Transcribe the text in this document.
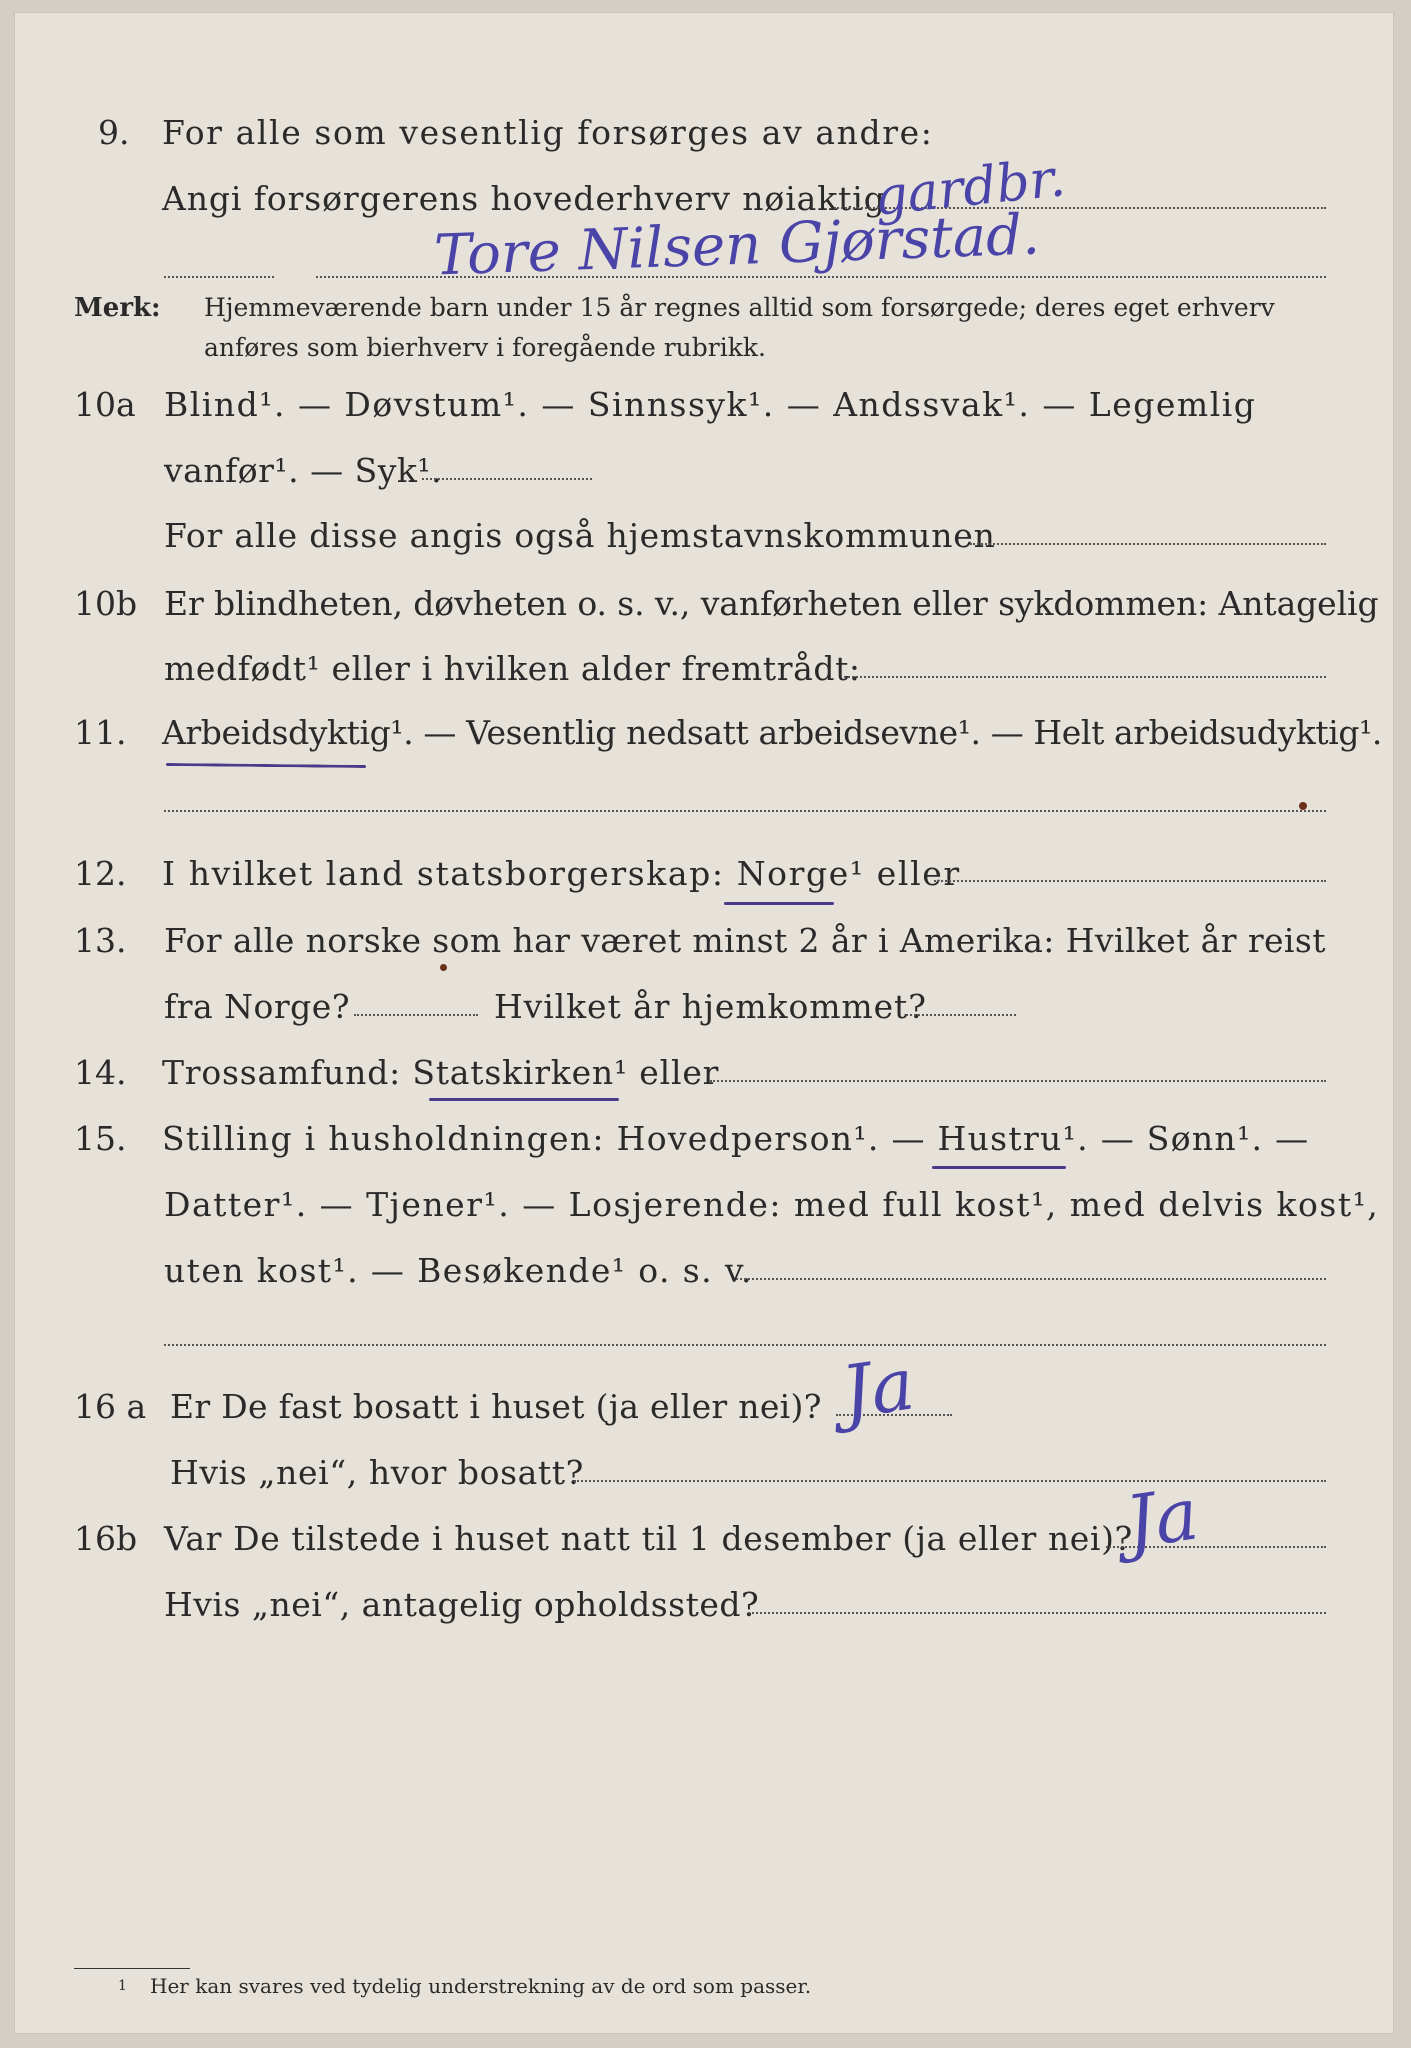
9. For alle som vesentlig forsørges av andre:
Angi forsørgerens hovederhverv nøiaktig
gardbr.
Tore Nilsen Gjørstad.
Merk: Hjemmeværende barn under 15 år regnes alltid som forsørgede; deres eget erhverv
anføres som bierhverv i foregående rubrikk.
10a Blind¹. — Døvstum¹. — Sinnssyk¹. — Andssvak¹. — Legemlig
vanfør¹. — Syk¹.
For alle disse angis også hjemstavnskommunen
10b Er blindheten, døvheten o. s. v., vanførheten eller sykdommen: Antagelig
medfødt¹ eller i hvilken alder fremtrådt:
11. Arbeidsdyktig¹. — Vesentlig nedsatt arbeidsevne¹. — Helt arbeidsudyktig¹.
12. I hvilket land statsborgerskap: Norge¹ eller
13. For alle norske som har været minst 2 år i Amerika: Hvilket år reist
fra Norge?	Hvilket år hjemkommet?
14. Trossamfund: Statskirken¹ eller
15. Stilling i husholdningen: Hovedperson¹. — Hustru¹. — Sønn¹. —
Datter¹. — Tjener¹. — Losjerende: med full kost¹, med delvis kost¹,
uten kost¹. — Besøkende¹ o. s. v.
16 a Er De fast bosatt i huset (ja eller nei)? Ja
Hvis „nei“, hvor bosatt?
16b Var De tilstede i huset natt til 1 desember (ja eller nei)?
Ja
Hvis „nei“, antagelig opholdssted?
1 Her kan svares ved tydelig understrekning av de ord som passer.
